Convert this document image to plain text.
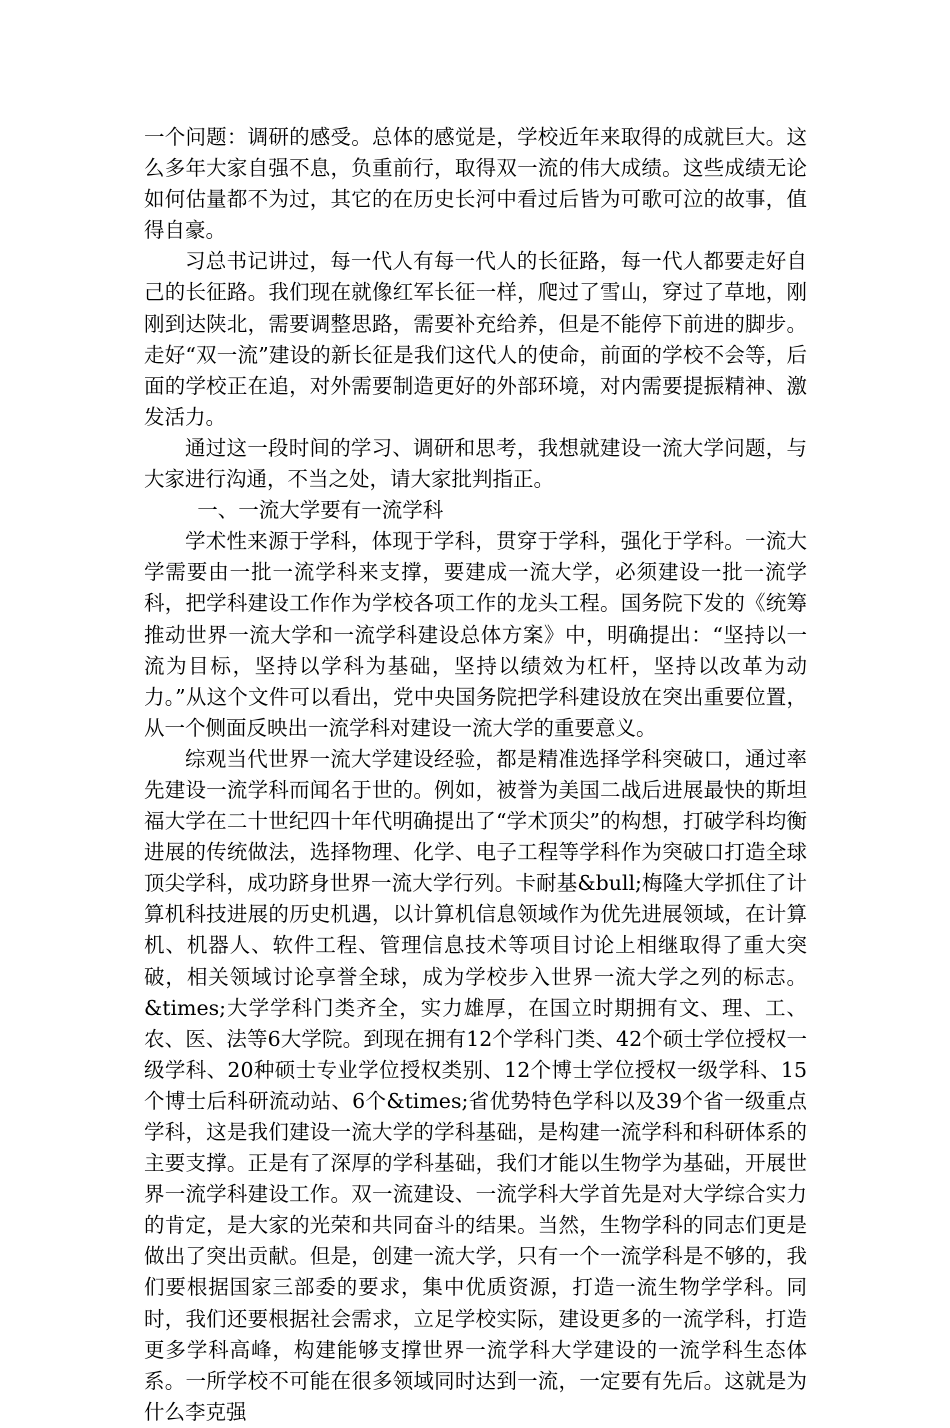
一个问题：调研的感受。总体的感觉是，学校近年来取得的成就巨大。这么多年大家自强不息，负重前行，取得双一流的伟大成绩。这些成绩无论如何估量都不为过，其它的在历史长河中看过后皆为可歌可泣的故事，值得自豪。

习总书记讲过，每一代人有每一代人的长征路，每一代人都要走好自己的长征路。我们现在就像红军长征一样，爬过了雪山，穿过了草地，刚刚到达陕北，需要调整思路，需要补充给养，但是不能停下前进的脚步。走好“双一流”建设的新长征是我们这代人的使命，前面的学校不会等，后面的学校正在追，对外需要制造更好的外部环境，对内需要提振精神、激发活力。

通过这一段时间的学习、调研和思考，我想就建设一流大学问题，与大家进行沟通，不当之处，请大家批判指正。

一、一流大学要有一流学科

学术性来源于学科，体现于学科，贯穿于学科，强化于学科。一流大学需要由一批一流学科来支撑，要建成一流大学，必须建设一批一流学科，把学科建设工作作为学校各项工作的龙头工程。国务院下发的《统筹推动世界一流大学和一流学科建设总体方案》中，明确提出：“坚持以一流为目标，坚持以学科为基础，坚持以绩效为杠杆，坚持以改革为动力。”从这个文件可以看出，党中央国务院把学科建设放在突出重要位置，从一个侧面反映出一流学科对建设一流大学的重要意义。

综观当代世界一流大学建设经验，都是精准选择学科突破口，通过率先建设一流学科而闻名于世的。例如，被誉为美国二战后进展最快的斯坦福大学在二十世纪四十年代明确提出了“学术顶尖”的构想，打破学科均衡进展的传统做法，选择物理、化学、电子工程等学科作为突破口打造全球顶尖学科，成功跻身世界一流大学行列。卡耐基&bull;梅隆大学抓住了计算机科技进展的历史机遇，以计算机信息领域作为优先进展领域，在计算机、机器人、软件工程、管理信息技术等项目讨论上相继取得了重大突破，相关领域讨论享誉全球，成为学校步入世界一流大学之列的标志。&times;大学学科门类齐全，实力雄厚，在国立时期拥有文、理、工、农、医、法等6大学院。到现在拥有12个学科门类、42个硕士学位授权一级学科、20种硕士专业学位授权类别、12个博士学位授权一级学科、15个博士后科研流动站、6个&times;省优势特色学科以及39个省一级重点学科，这是我们建设一流大学的学科基础，是构建一流学科和科研体系的主要支撑。正是有了深厚的学科基础，我们才能以生物学为基础，开展世界一流学科建设工作。双一流建设、一流学科大学首先是对大学综合实力的肯定，是大家的光荣和共同奋斗的结果。当然，生物学科的同志们更是做出了突出贡献。但是，创建一流大学，只有一个一流学科是不够的，我们要根据国家三部委的要求，集中优质资源，打造一流生物学学科。同时，我们还要根据社会需求，立足学校实际，建设更多的一流学科，打造更多学科高峰，构建能够支撑世界一流学科大学建设的一流学科生态体系。一所学校不可能在很多领域同时达到一流，一定要有先后。这就是为什么李克强
